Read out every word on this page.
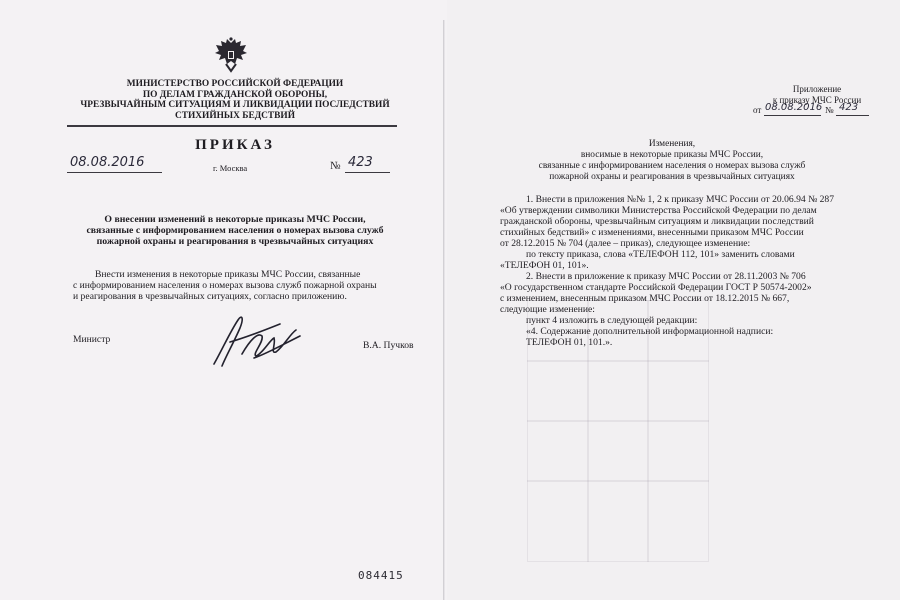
МИНИСТЕРСТВО РОССИЙСКОЙ ФЕДЕРАЦИИ
ПО ДЕЛАМ ГРАЖДАНСКОЙ ОБОРОНЫ,
ЧРЕЗВЫЧАЙНЫМ СИТУАЦИЯМ И ЛИКВИДАЦИИ ПОСЛЕДСТВИЙ
СТИХИЙНЫХ БЕДСТВИЙ
ПРИКАЗ
08.08.2016	г. Москва	№ 423
О внесении изменений в некоторые приказы МЧС России,
связанные с информированием населения о номерах вызова служб
пожарной охраны и реагирования в чрезвычайных ситуациях
Внести изменения в некоторые приказы МЧС России, связанные
с информированием населения о номерах вызова служб пожарной охраны
и реагирования в чрезвычайных ситуациях, согласно приложению.
Министр
В.А. Пучков
084415
Приложение
к приказу МЧС России
от 08.08.2016 № 423
Изменения,
вносимые в некоторые приказы МЧС России,
связанные с информированием населения о номерах вызова служб
пожарной охраны и реагирования в чрезвычайных ситуациях
1. Внести в приложения №№ 1, 2 к приказу МЧС России от 20.06.94 № 287
«Об утверждении символики Министерства Российской Федерации по делам
гражданской обороны, чрезвычайным ситуациям и ликвидации последствий
стихийных бедствий» с изменениями, внесенными приказом МЧС России
от 28.12.2015 № 704 (далее – приказ), следующее изменение:
по тексту приказа, слова «ТЕЛЕФОН 112, 101» заменить словами
«ТЕЛЕФОН 01, 101».
2. Внести в приложение к приказу МЧС России от 28.11.2003 № 706
«О государственном стандарте Российской Федерации ГОСТ Р 50574-2002»
с изменением, внесенным приказом МЧС России от 18.12.2015 № 667,
следующие изменение:
пункт 4 изложить в следующей редакции:
«4. Содержание дополнительной информационной надписи:
ТЕЛЕФОН 01, 101.».
